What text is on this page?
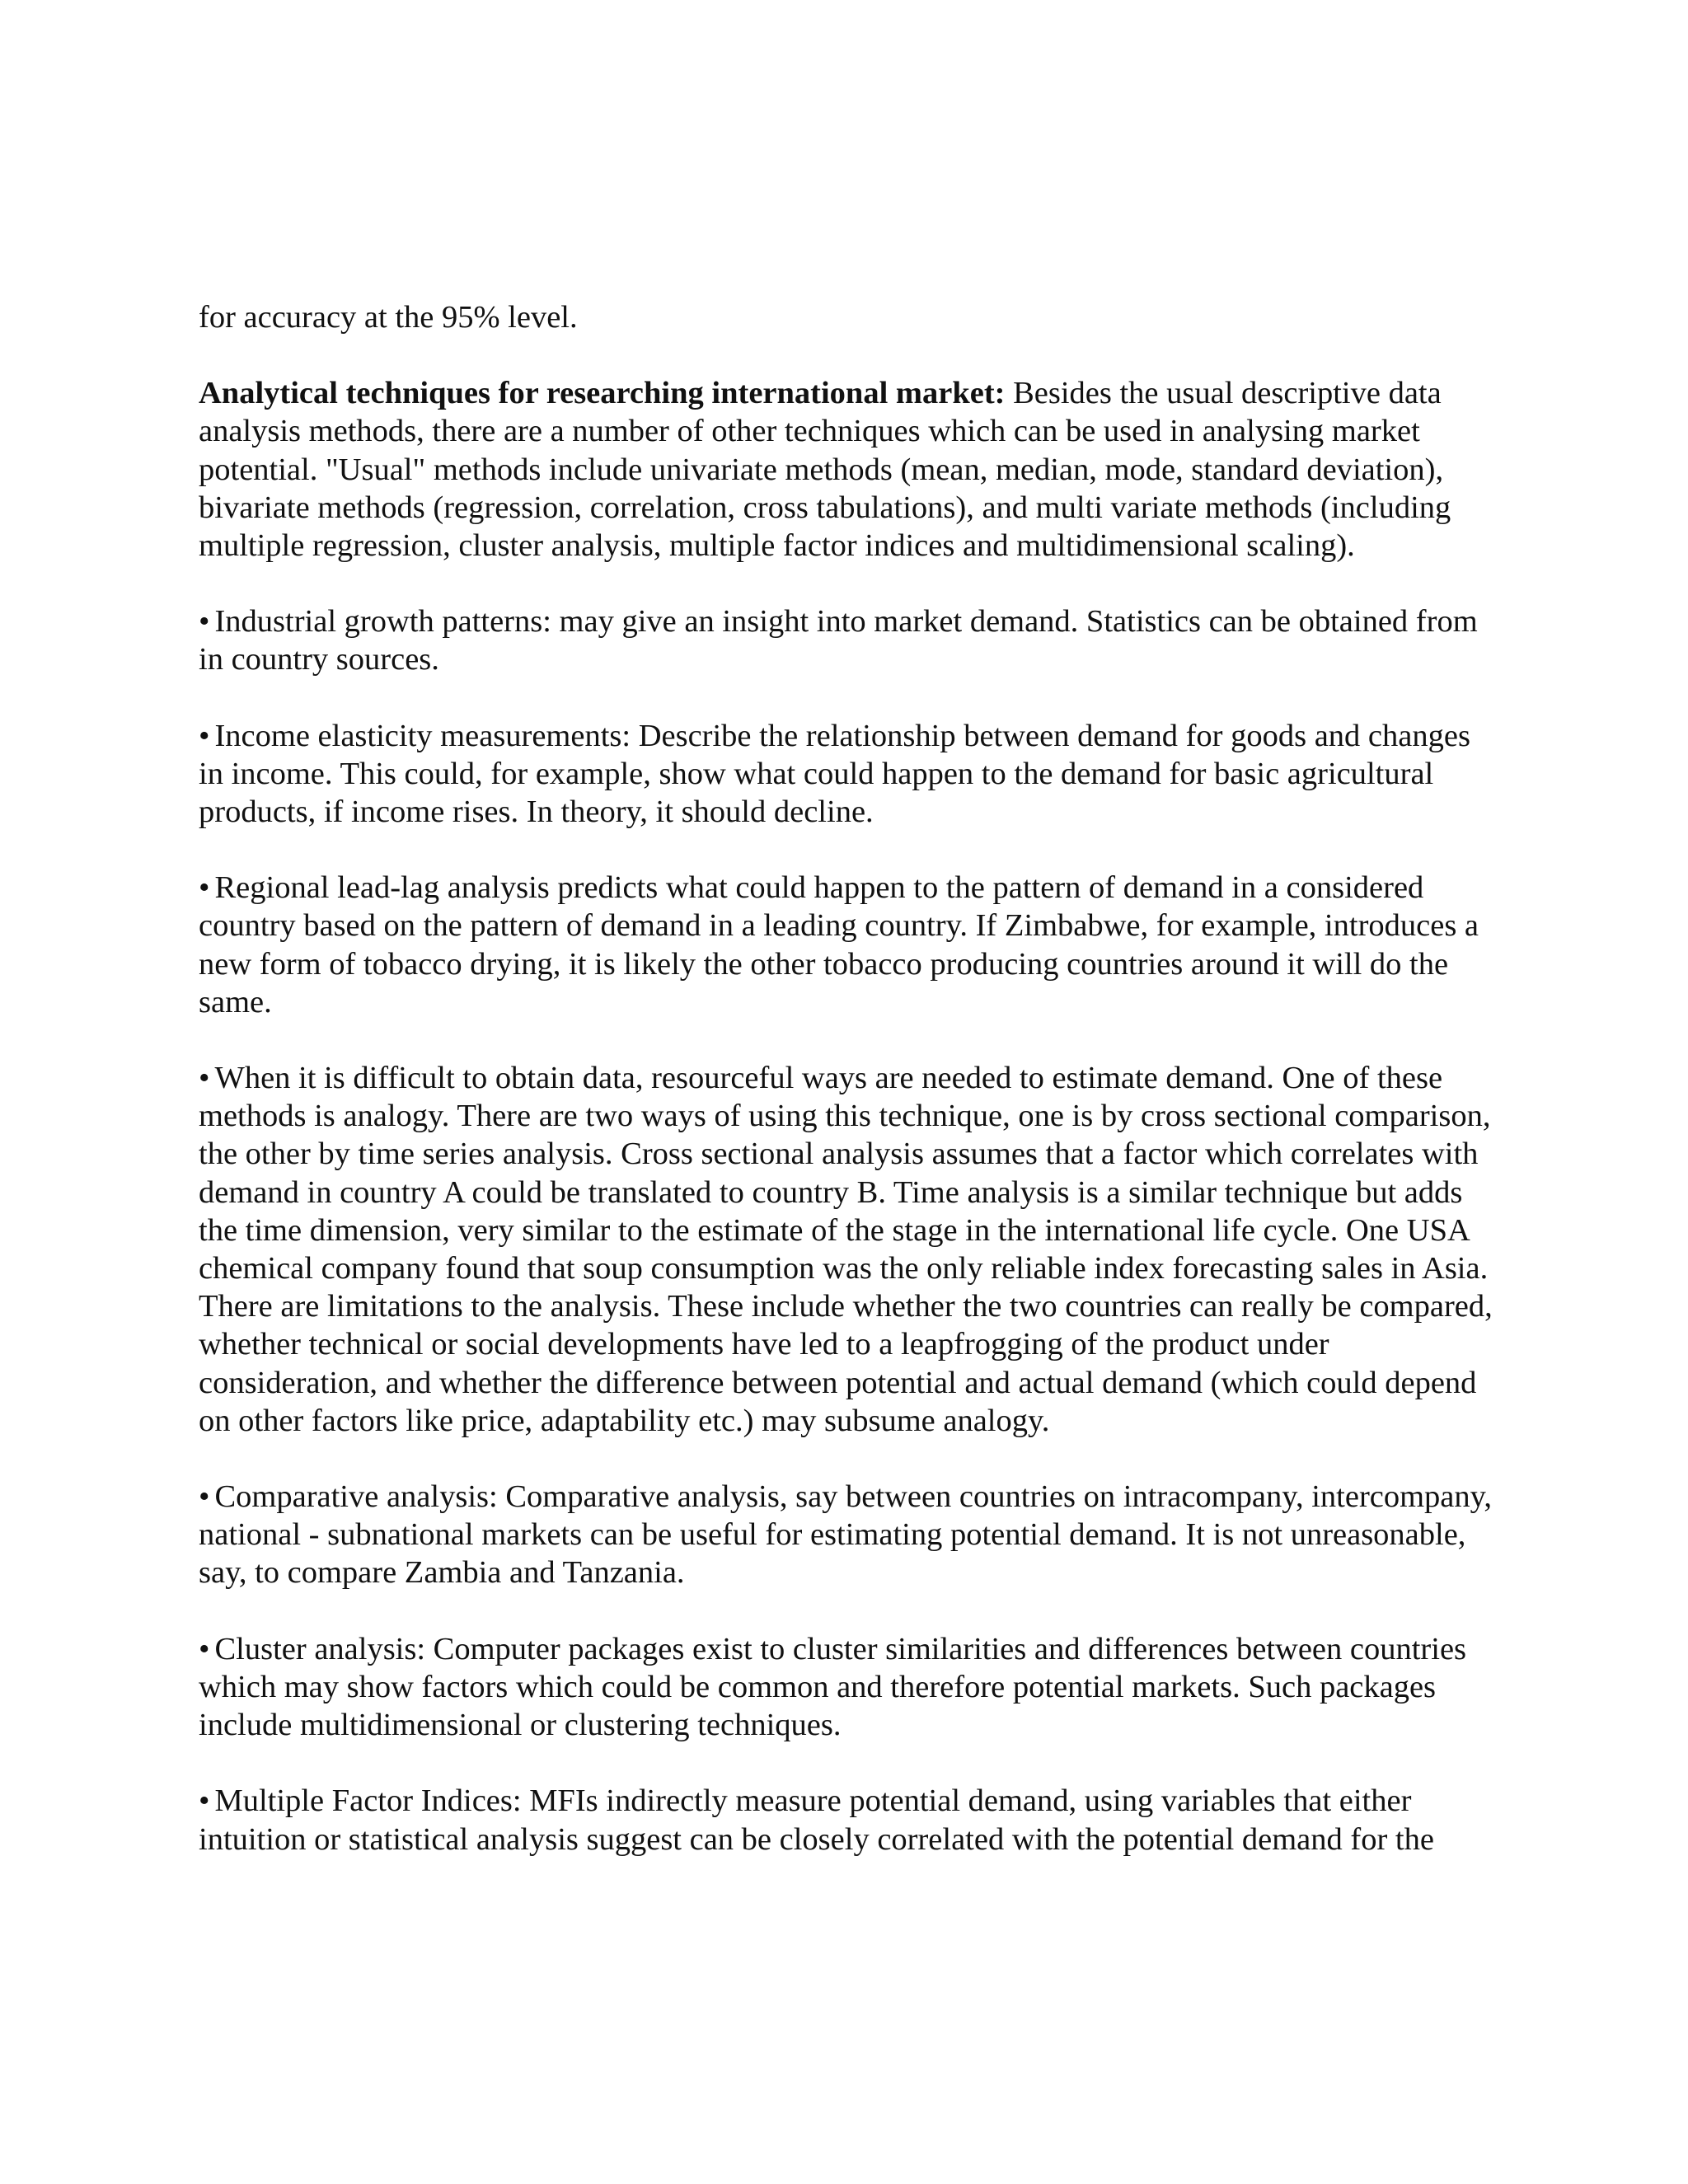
for accuracy at the 95% level.

Analytical techniques for researching international market: Besides the usual descriptive data analysis methods, there are a number of other techniques which can be used in analysing market potential. "Usual" methods include univariate methods (mean, median, mode, standard deviation), bivariate methods (regression, correlation, cross tabulations), and multi variate methods (including multiple regression, cluster analysis, multiple factor indices and multidimensional scaling).

• Industrial growth patterns: may give an insight into market demand. Statistics can be obtained from in country sources.

• Income elasticity measurements: Describe the relationship between demand for goods and changes in income. This could, for example, show what could happen to the demand for basic agricultural products, if income rises. In theory, it should decline.

• Regional lead-lag analysis predicts what could happen to the pattern of demand in a considered country based on the pattern of demand in a leading country. If Zimbabwe, for example, introduces a new form of tobacco drying, it is likely the other tobacco producing countries around it will do the same.

• When it is difficult to obtain data, resourceful ways are needed to estimate demand. One of these methods is analogy. There are two ways of using this technique, one is by cross sectional comparison, the other by time series analysis. Cross sectional analysis assumes that a factor which correlates with demand in country A could be translated to country B. Time analysis is a similar technique but adds the time dimension, very similar to the estimate of the stage in the international life cycle. One USA chemical company found that soup consumption was the only reliable index forecasting sales in Asia. There are limitations to the analysis. These include whether the two countries can really be compared, whether technical or social developments have led to a leapfrogging of the product under consideration, and whether the difference between potential and actual demand (which could depend on other factors like price, adaptability etc.) may subsume analogy.

• Comparative analysis: Comparative analysis, say between countries on intracompany, intercompany, national - subnational markets can be useful for estimating potential demand. It is not unreasonable, say, to compare Zambia and Tanzania.

• Cluster analysis: Computer packages exist to cluster similarities and differences between countries which may show factors which could be common and therefore potential markets. Such packages include multidimensional or clustering techniques.

• Multiple Factor Indices: MFIs indirectly measure potential demand, using variables that either intuition or statistical analysis suggest can be closely correlated with the potential demand for the
